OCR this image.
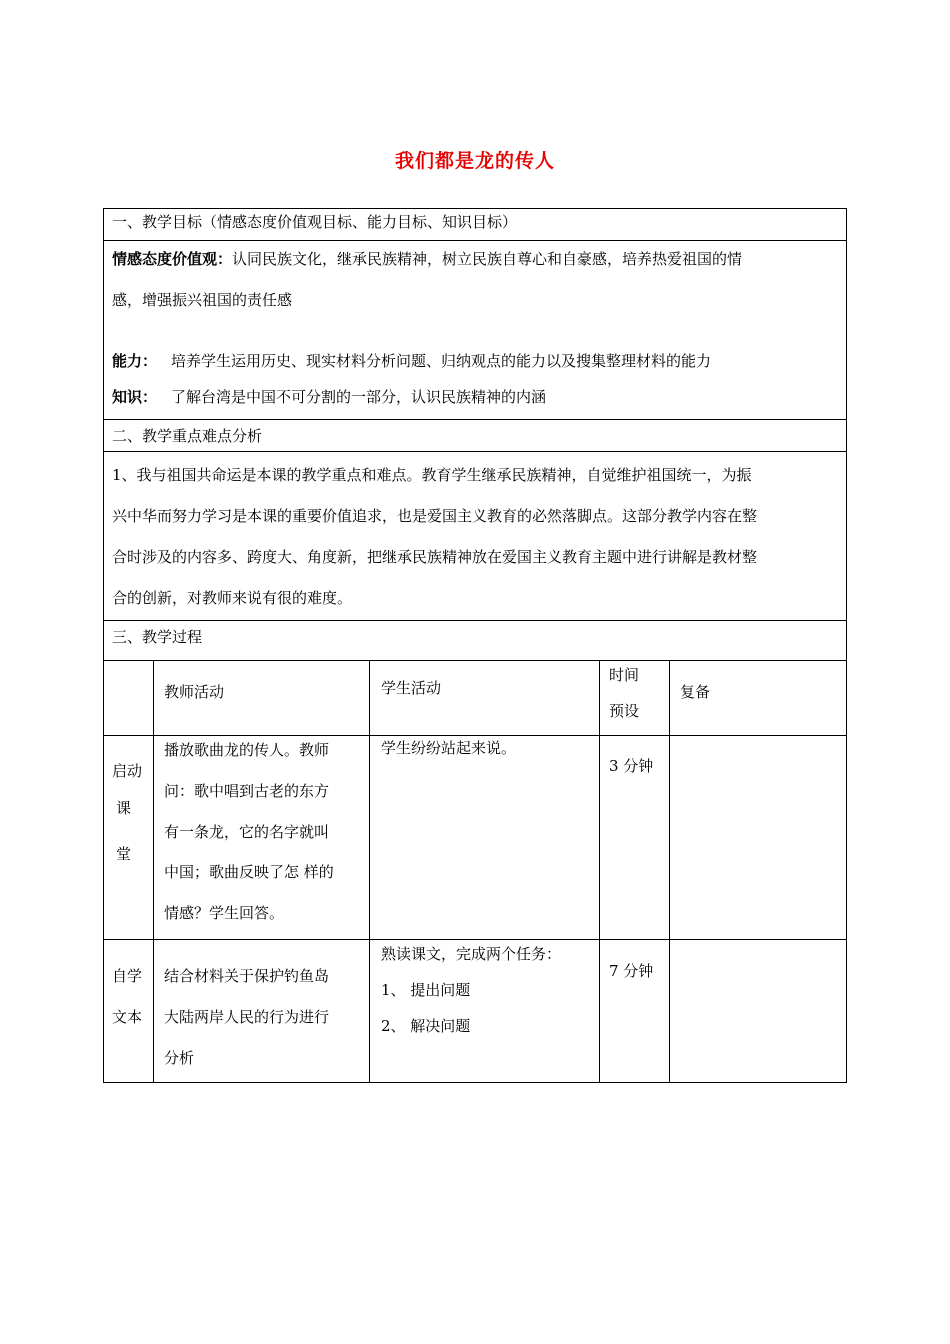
我们都是龙的传人
一、教学目标（情感态度价值观目标、能力目标、知识目标）
情感态度价值观：认同民族文化，继承民族精神，树立民族自尊心和自豪感，培养热爱祖国的情
感，增强振兴祖国的责任感
能力： 培养学生运用历史、现实材料分析问题、归纳观点的能力以及搜集整理材料的能力
知识： 了解台湾是中国不可分割的一部分，认识民族精神的内涵
二、教学重点难点分析
1、我与祖国共命运是本课的教学重点和难点。教育学生继承民族精神，自觉维护祖国统一，为振
兴中华而努力学习是本课的重要价值追求，也是爱国主义教育的必然落脚点。这部分教学内容在整
合时涉及的内容多、跨度大、角度新，把继承民族精神放在爱国主义教育主题中进行讲解是教材整
合的创新，对教师来说有很的难度。
三、教学过程
教师活动	学生活动
时间
预设
复备
启动
课
堂
播放歌曲龙的传人。教师
问：歌中唱到古老的东方
有一条龙，它的名字就叫
中国；歌曲反映了怎 样的
情感？学生回答。
学生纷纷站起来说。
3 分钟
自学
文本
结合材料关于保护钓鱼岛
大陆两岸人民的行为进行
分析
熟读课文，完成两个任务：
1、 提出问题
2、 解决问题
7 分钟
